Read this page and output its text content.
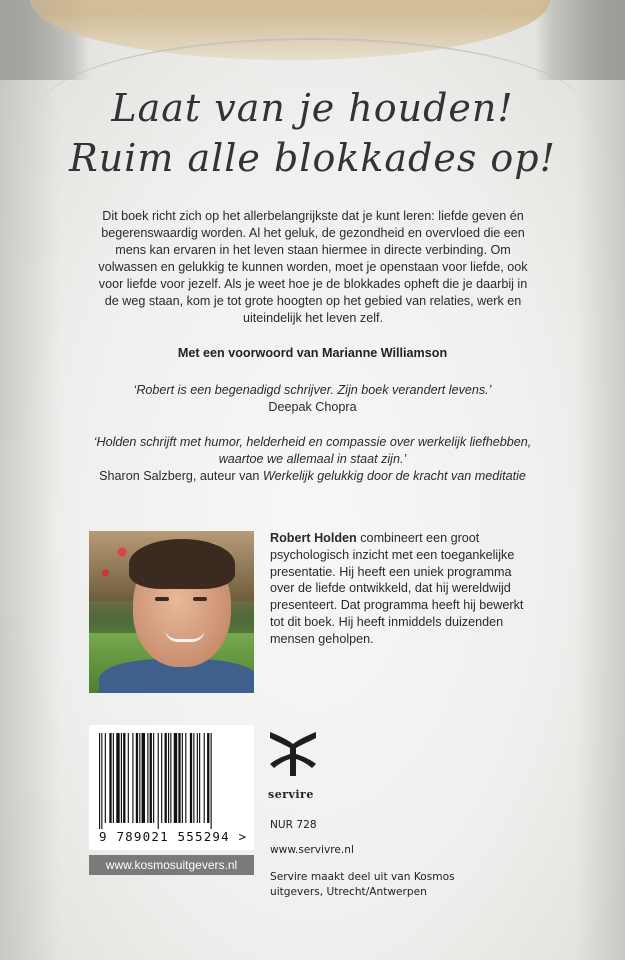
Laat van je houden!
Ruim alle blokkades op!
Dit boek richt zich op het allerbelangrijkste dat je kunt leren: liefde geven én begerenswaardig worden. Al het geluk, de gezondheid en overvloed die een mens kan ervaren in het leven staan hiermee in directe verbinding. Om volwassen en gelukkig te kunnen worden, moet je openstaan voor liefde, ook voor liefde voor jezelf. Als je weet hoe je de blokkades opheft die je daarbij in de weg staan, kom je tot grote hoogten op het gebied van relaties, werk en uiteindelijk het leven zelf.
Met een voorwoord van Marianne Williamson
‘Robert is een begenadigd schrijver. Zijn boek verandert levens.’
Deepak Chopra
‘Holden schrijft met humor, helderheid en compassie over werkelijk liefhebben, waartoe we allemaal in staat zijn.’
Sharon Salzberg, auteur van Werkelijk gelukkig door de kracht van meditatie
Robert Holden combineert een groot psychologisch inzicht met een toegankelijke presentatie. Hij heeft een uniek programma over de liefde ontwikkeld, dat hij wereldwijd presenteert. Dat programma heeft hij bewerkt tot dit boek. Hij heeft inmiddels duizenden mensen geholpen.
9 789021 555294 >
www.kosmosuitgevers.nl
servire
NUR 728
www.servivre.nl
Servire maakt deel uit van Kosmos uitgevers, Utrecht/Antwerpen
